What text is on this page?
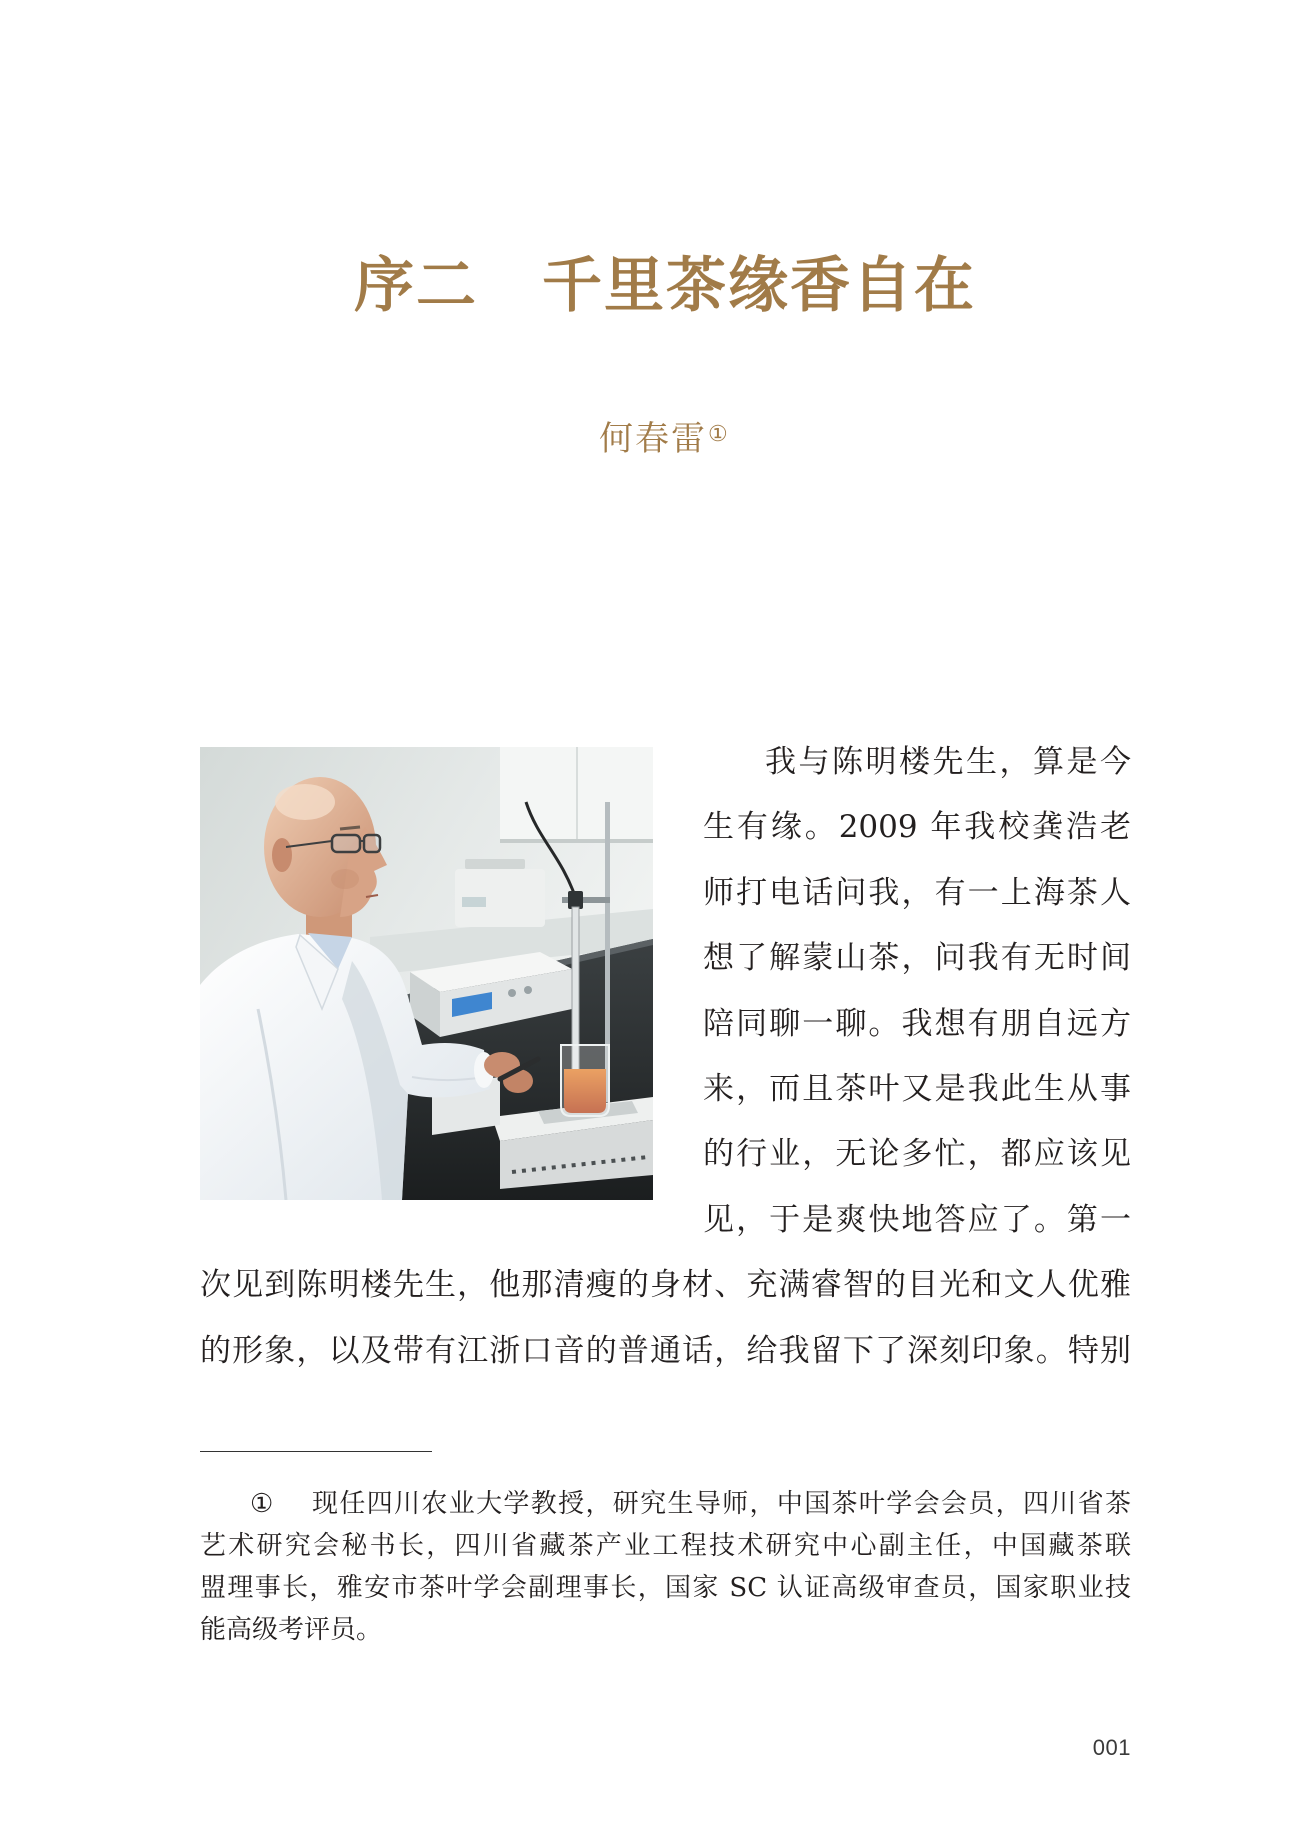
序二 千里茶缘香自在
何春雷①
我与陈明楼先生，算是今
生有缘。2009 年我校龚浩老
师打电话问我，有一上海茶人
想了解蒙山茶，问我有无时间
陪同聊一聊。我想有朋自远方
来，而且茶叶又是我此生从事
的行业，无论多忙，都应该见
见，于是爽快地答应了。第一
次见到陈明楼先生，他那清瘦的身材、充满睿智的目光和文人优雅
的形象，以及带有江浙口音的普通话，给我留下了深刻印象。特别
①	现任四川农业大学教授，研究生导师，中国茶叶学会会员，四川省茶
艺术研究会秘书长，四川省藏茶产业工程技术研究中心副主任，中国藏茶联
盟理事长，雅安市茶叶学会副理事长，国家 SC 认证高级审查员，国家职业技
能高级考评员。
001
